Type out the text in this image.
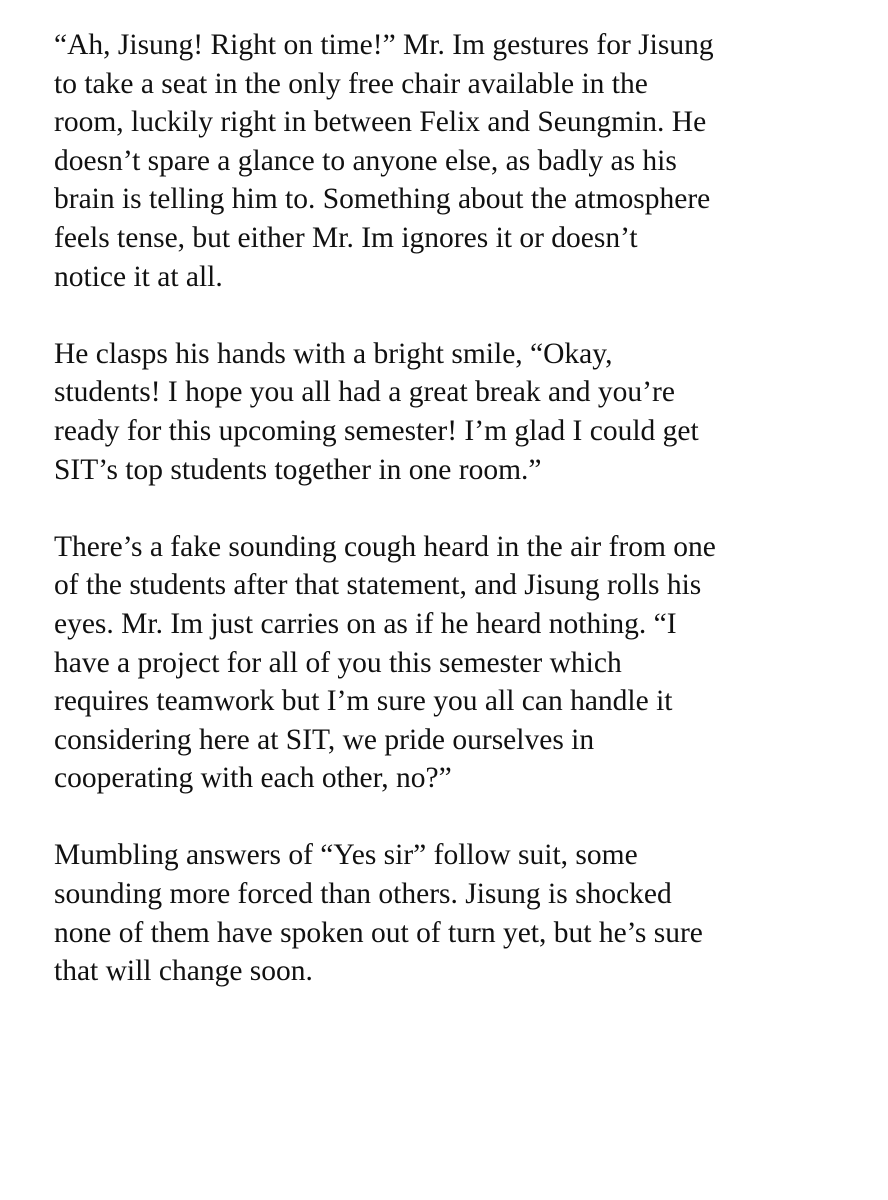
“Ah, Jisung! Right on time!” Mr. Im gestures for Jisung
to take a seat in the only free chair available in the
room, luckily right in between Felix and Seungmin. He
doesn’t spare a glance to anyone else, as badly as his
brain is telling him to. Something about the atmosphere
feels tense, but either Mr. Im ignores it or doesn’t
notice it at all.

He clasps his hands with a bright smile, “Okay,
students! I hope you all had a great break and you’re
ready for this upcoming semester! I’m glad I could get
SIT’s top students together in one room.”

There’s a fake sounding cough heard in the air from one
of the students after that statement, and Jisung rolls his
eyes. Mr. Im just carries on as if he heard nothing. “I
have a project for all of you this semester which
requires teamwork but I’m sure you all can handle it
considering here at SIT, we pride ourselves in
cooperating with each other, no?”

Mumbling answers of “Yes sir” follow suit, some
sounding more forced than others. Jisung is shocked
none of them have spoken out of turn yet, but he’s sure
that will change soon.
